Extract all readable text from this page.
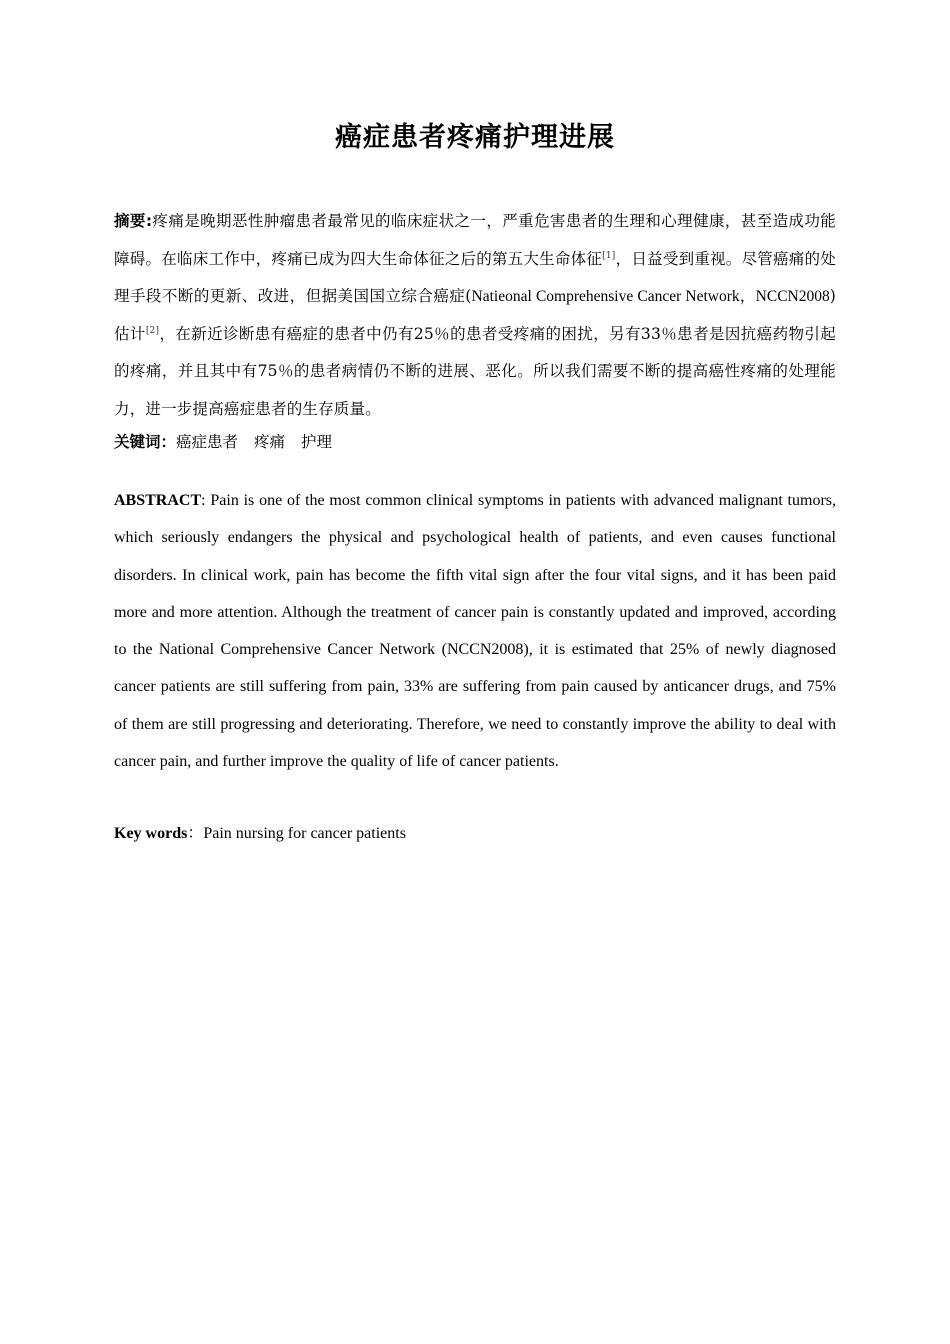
癌症患者疼痛护理进展
摘要:疼痛是晚期恶性肿瘤患者最常见的临床症状之一，严重危害患者的生理和心理健康，甚至造成功能障碍。在临床工作中，疼痛已成为四大生命体征之后的第五大生命体征[1]，日益受到重视。尽管癌痛的处理手段不断的更新、改进，但据美国国立综合癌症(Natieonal Comprehensive Cancer Network，NCCN2008)估计[2]，在新近诊断患有癌症的患者中仍有25％的患者受疼痛的困扰，另有33％患者是因抗癌药物引起的疼痛，并且其中有75％的患者病情仍不断的进展、恶化。所以我们需要不断的提高癌性疼痛的处理能力，进一步提高癌症患者的生存质量。
关键词：癌症患者 疼痛 护理
ABSTRACT: Pain is one of the most common clinical symptoms in patients with advanced malignant tumors, which seriously endangers the physical and psychological health of patients, and even causes functional disorders. In clinical work, pain has become the fifth vital sign after the four vital signs, and it has been paid more and more attention. Although the treatment of cancer pain is constantly updated and improved, according to the National Comprehensive Cancer Network (NCCN2008), it is estimated that 25% of newly diagnosed cancer patients are still suffering from pain, 33% are suffering from pain caused by anticancer drugs, and 75% of them are still progressing and deteriorating. Therefore, we need to constantly improve the ability to deal with cancer pain, and further improve the quality of life of cancer patients.
Key words：Pain nursing for cancer patients
